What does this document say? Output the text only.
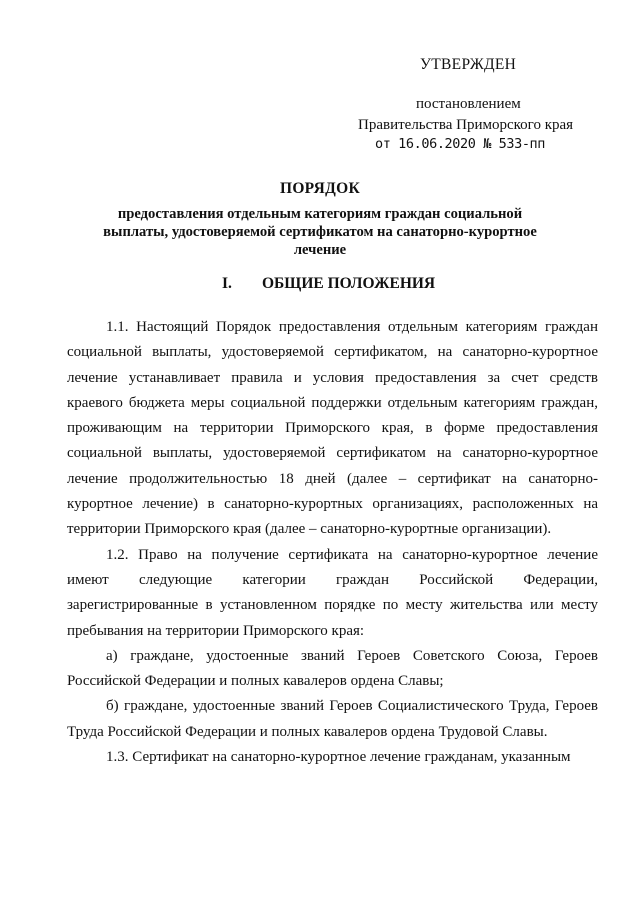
УТВЕРЖДЕН
постановлением
Правительства Приморского края
от 16.06.2020 № 533-пп
ПОРЯДОК
предоставления отдельным категориям граждан социальной выплаты, удостоверяемой сертификатом на санаторно-курортное лечение
I. ОБЩИЕ ПОЛОЖЕНИЯ

1.1. Настоящий Порядок предоставления отдельным категориям граждан социальной выплаты, удостоверяемой сертификатом, на санаторно-курортное лечение устанавливает правила и условия предоставления за счет средств краевого бюджета меры социальной поддержки отдельным категориям граждан, проживающим на территории Приморского края, в форме предоставления социальной выплаты, удостоверяемой сертификатом на санаторно-курортное лечение продолжительностью 18 дней (далее – сертификат на санаторно-курортное лечение) в санаторно-курортных организациях, расположенных на территории Приморского края (далее – санаторно-курортные организации).

1.2. Право на получение сертификата на санаторно-курортное лечение имеют следующие категории граждан Российской Федерации, зарегистрированные в установленном порядке по месту жительства или месту пребывания на территории Приморского края:

а) граждане, удостоенные званий Героев Советского Союза, Героев Российской Федерации и полных кавалеров ордена Славы;

б) граждане, удостоенные званий Героев Социалистического Труда, Героев Труда Российской Федерации и полных кавалеров ордена Трудовой Славы.

1.3. Сертификат на санаторно-курортное лечение гражданам, указанным
